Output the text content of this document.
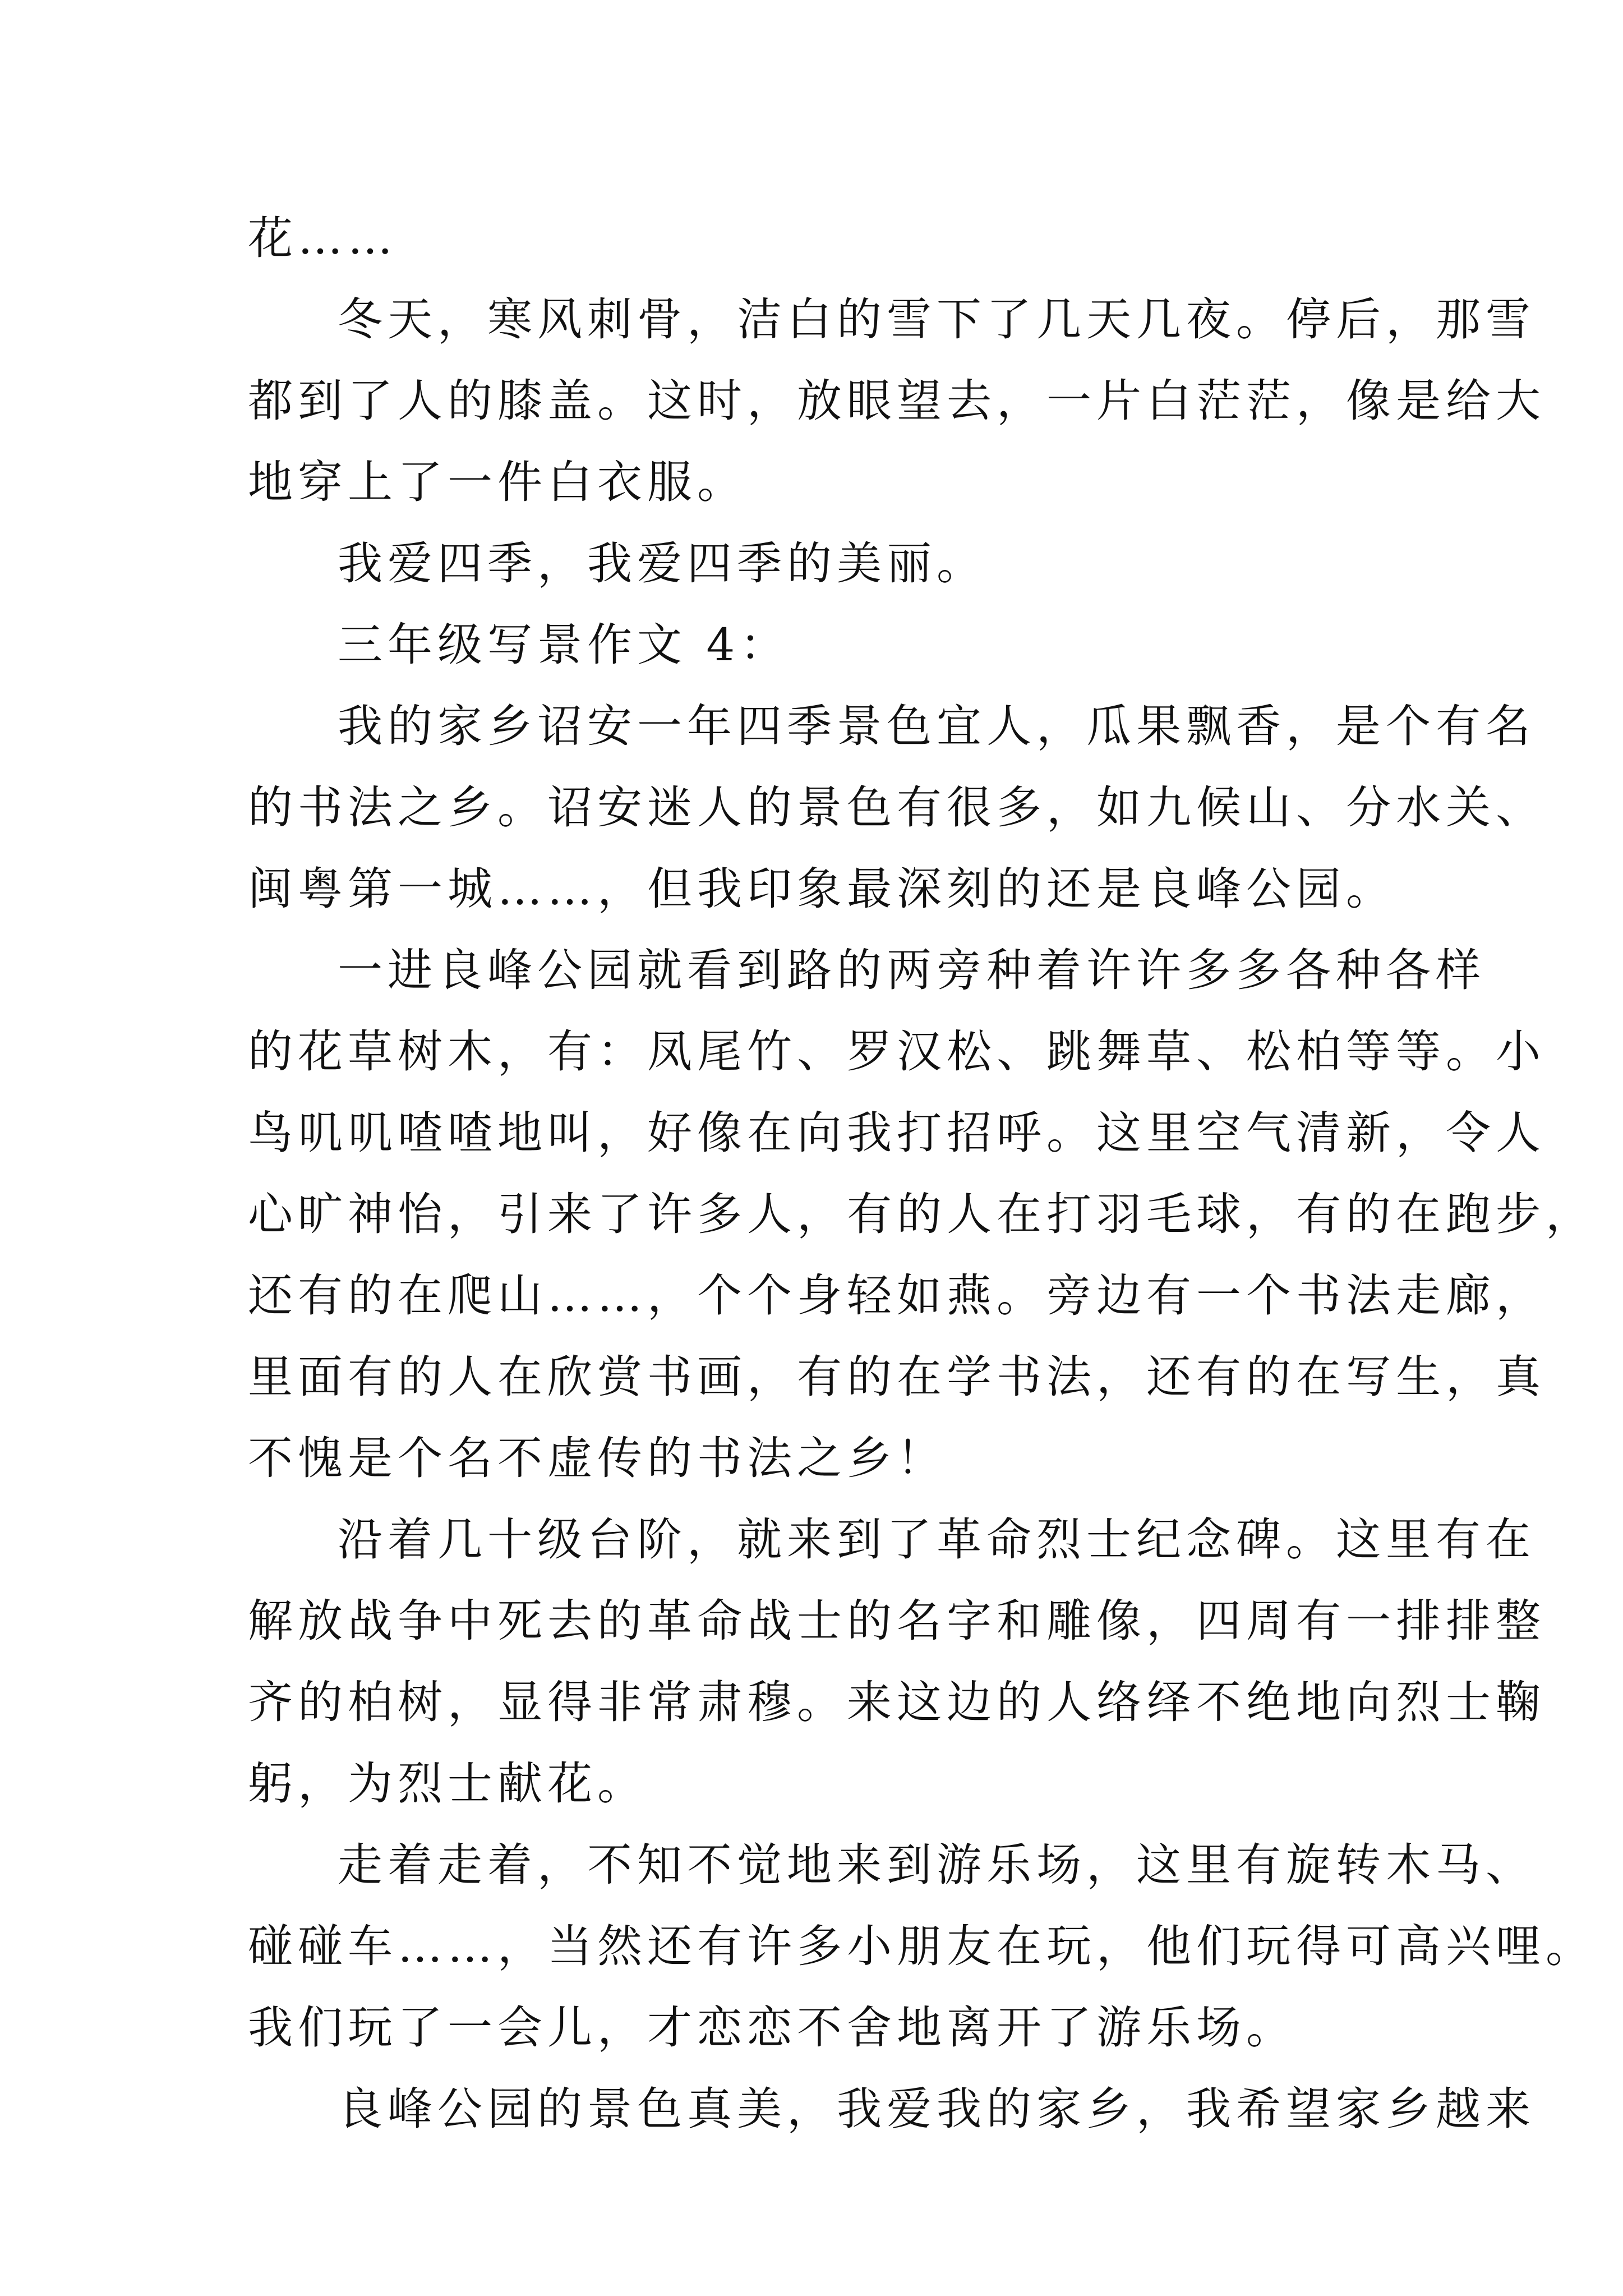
花……
冬天，寒风刺骨，洁白的雪下了几天几夜。停后，那雪
都到了人的膝盖。这时，放眼望去，一片白茫茫，像是给大
地穿上了一件白衣服。
我爱四季，我爱四季的美丽。
三年级写景作文 4：
我的家乡诏安一年四季景色宜人，瓜果飘香，是个有名
的书法之乡。诏安迷人的景色有很多，如九候山、分水关、
闽粤第一城……，但我印象最深刻的还是良峰公园。
一进良峰公园就看到路的两旁种着许许多多各种各样
的花草树木，有：凤尾竹、罗汉松、跳舞草、松柏等等。小
鸟叽叽喳喳地叫，好像在向我打招呼。这里空气清新，令人
心旷神怡，引来了许多人，有的人在打羽毛球，有的在跑步，
还有的在爬山……，个个身轻如燕。旁边有一个书法走廊，
里面有的人在欣赏书画，有的在学书法，还有的在写生，真
不愧是个名不虚传的书法之乡！
沿着几十级台阶，就来到了革命烈士纪念碑。这里有在
解放战争中死去的革命战士的名字和雕像，四周有一排排整
齐的柏树，显得非常肃穆。来这边的人络绎不绝地向烈士鞠
躬，为烈士献花。
走着走着，不知不觉地来到游乐场，这里有旋转木马、
碰碰车……，当然还有许多小朋友在玩，他们玩得可高兴哩。
我们玩了一会儿，才恋恋不舍地离开了游乐场。
良峰公园的景色真美，我爱我的家乡，我希望家乡越来
